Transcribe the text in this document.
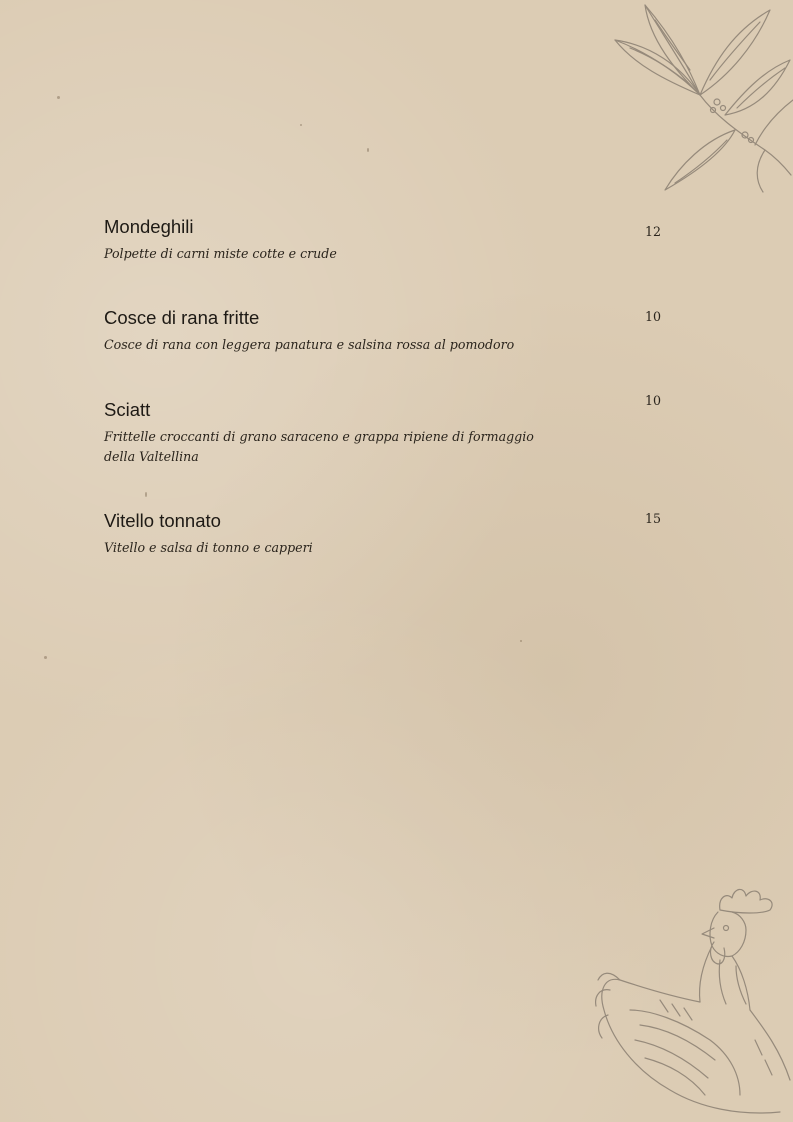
Mondeghili
Polpette di carni miste cotte e crude
12
Cosce di rana fritte
Cosce di rana con leggera panatura e salsina rossa al pomodoro
10
Sciatt
Frittelle croccanti di grano saraceno e grappa ripiene di formaggio della Valtellina
10
Vitello tonnato
Vitello e salsa di tonno e capperi
15
